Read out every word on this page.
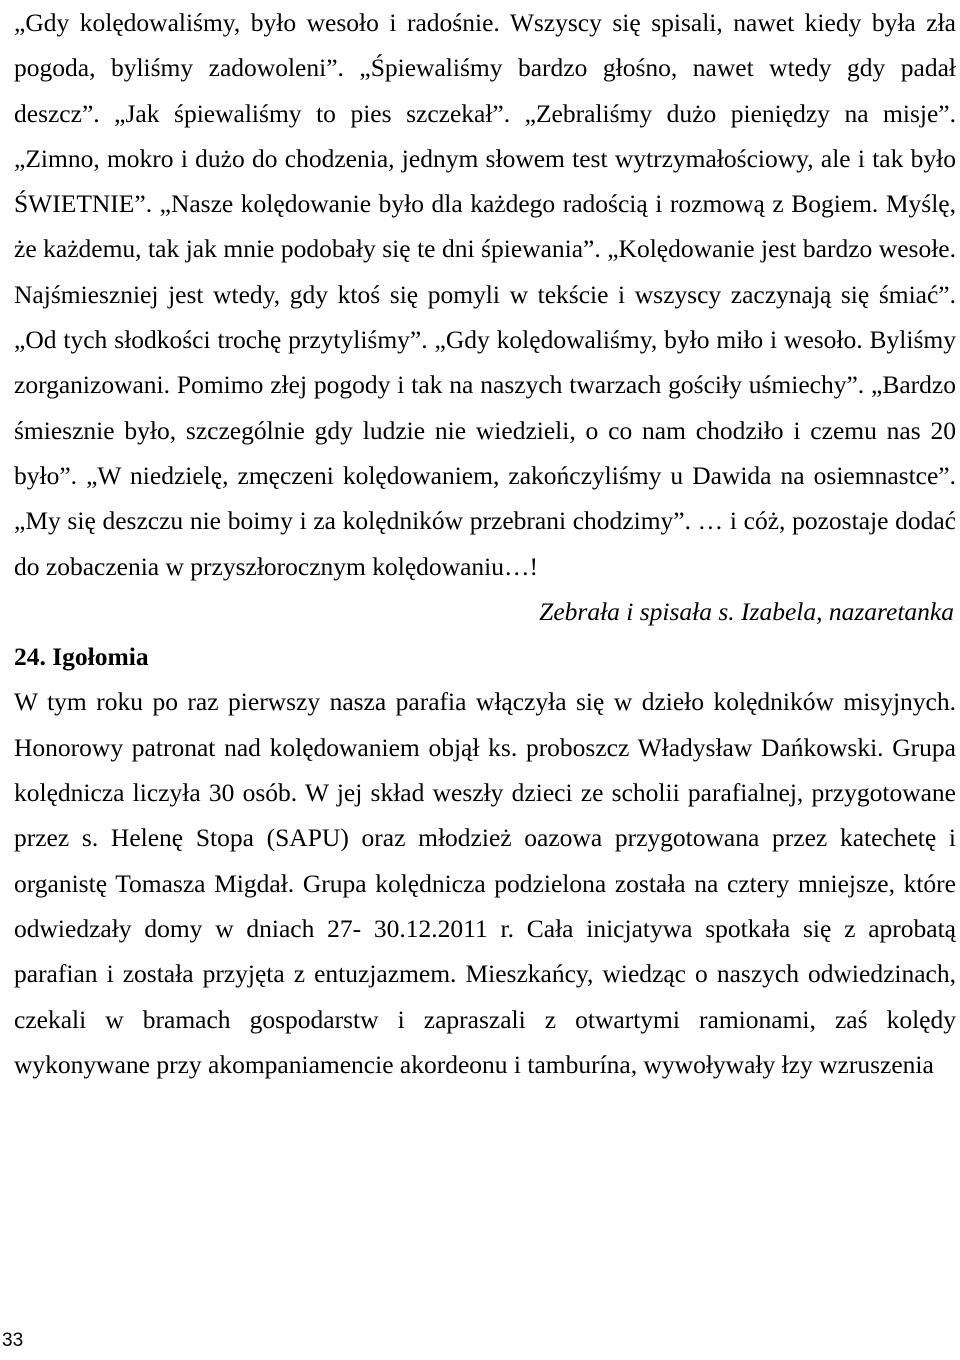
„Gdy kolędowaliśmy, było wesoło i radośnie. Wszyscy się spisali, nawet kiedy była zła pogoda, byliśmy zadowoleni”. „Śpiewaliśmy bardzo głośno, nawet wtedy gdy padał deszcz”. „Jak śpiewaliśmy to pies szczekał”. „Zebraliśmy dużo pieniędzy na misje”. „Zimno, mokro i dużo do chodzenia, jednym słowem test wytrzymałościowy, ale i tak było ŚWIETNIE”. „Nasze kolędowanie było dla każdego radością i rozmową z Bogiem. Myślę, że każdemu, tak jak mnie podobały się te dni śpiewania”. „Kolędowanie jest bardzo wesołe. Najśmieszniej jest wtedy, gdy ktoś się pomyli w tekście i wszyscy zaczynają się śmiać”. „Od tych słodkości trochę przytyliśmy”. „Gdy kolędowaliśmy, było miło i wesoło. Byliśmy zorganizowani. Pomimo złej pogody i tak na naszych twarzach gościły uśmiechy”. „Bardzo śmiesznie było, szczególnie gdy ludzie nie wiedzieli, o co nam chodziło i czemu nas 20 było”. „W niedzielę, zmęczeni kolędowaniem, zakończyliśmy u Dawida na osiemnastce”. „My się deszczu nie boimy i za kolędników przebrani chodzimy”. … i cóż, pozostaje dodać do zobaczenia w przyszłorocznym kolędowaniu…!

Zebrała i spisała s. Izabela, nazaretanka

24. Igołomia

W tym roku po raz pierwszy nasza parafia włączyła się w dzieło kolędników misyjnych. Honorowy patronat nad kolędowaniem objął ks. proboszcz Władysław Dańkowski. Grupa kolędnicza liczyła 30 osób. W jej skład weszły dzieci ze scholii parafialnej, przygotowane przez s. Helenę Stopa (SAPU) oraz młodzież oazowa przygotowana przez katechetę i organistę Tomasza Migdał. Grupa kolędnicza podzielona została na cztery mniejsze, które odwiedzały domy w dniach 27- 30.12.2011 r. Cała inicjatywa spotkała się z aprobatą parafian i została przyjęta z entuzjazmem. Mieszkańcy, wiedząc o naszych odwiedzinach, czekali w bramach gospodarstw i zapraszali z otwartymi ramionami, zaś kolędy wykonywane przy akompaniamencie akordeonu i tamburína, wywoływały łzy wzruszenia

33
